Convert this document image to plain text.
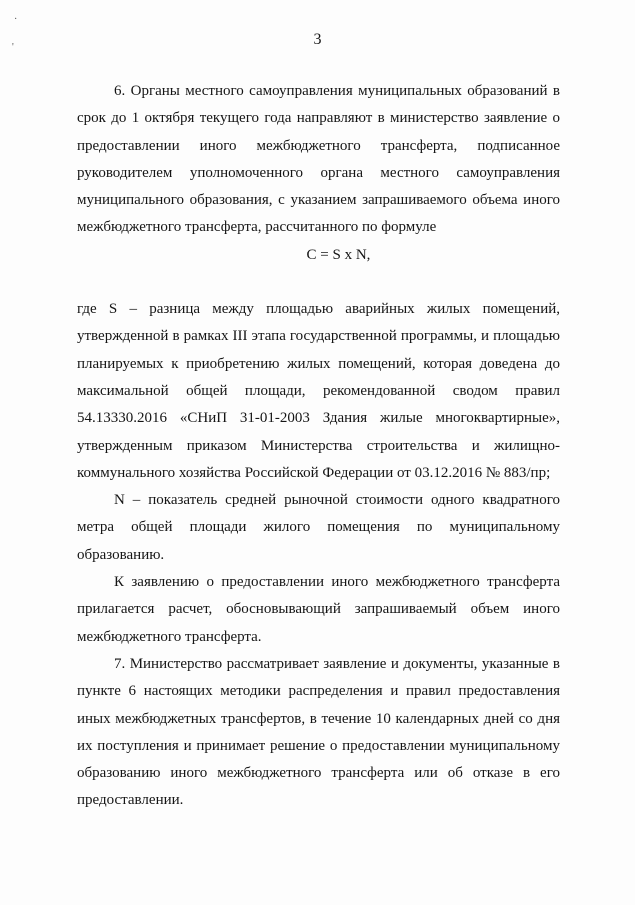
·
'	3

6. Органы местного самоуправления муниципальных образований в срок до 1 октября текущего года направляют в министерство заявление о предоставлении иного межбюджетного трансферта, подписанное руководителем уполномоченного органа местного самоуправления муниципального образования, с указанием запрашиваемого объема иного межбюджетного трансферта, рассчитанного по формуле

C = S x N,

где S – разница между площадью аварийных жилых помещений, утвержденной в рамках III этапа государственной программы, и площадью планируемых к приобретению жилых помещений, которая доведена до максимальной общей площади, рекомендованной сводом правил 54.13330.2016 «СНиП 31-01-2003 Здания жилые многоквартирные», утвержденным приказом Министерства строительства и жилищно-коммунального хозяйства Российской Федерации от 03.12.2016 № 883/пр;

N – показатель средней рыночной стоимости одного квадратного метра общей площади жилого помещения по муниципальному образованию.

К заявлению о предоставлении иного межбюджетного трансферта прилагается расчет, обосновывающий запрашиваемый объем иного межбюджетного трансферта.

7. Министерство рассматривает заявление и документы, указанные в пункте 6 настоящих методики распределения и правил предоставления иных межбюджетных трансфертов, в течение 10 календарных дней со дня их поступления и принимает решение о предоставлении муниципальному образованию иного межбюджетного трансферта или об отказе в его предоставлении.
